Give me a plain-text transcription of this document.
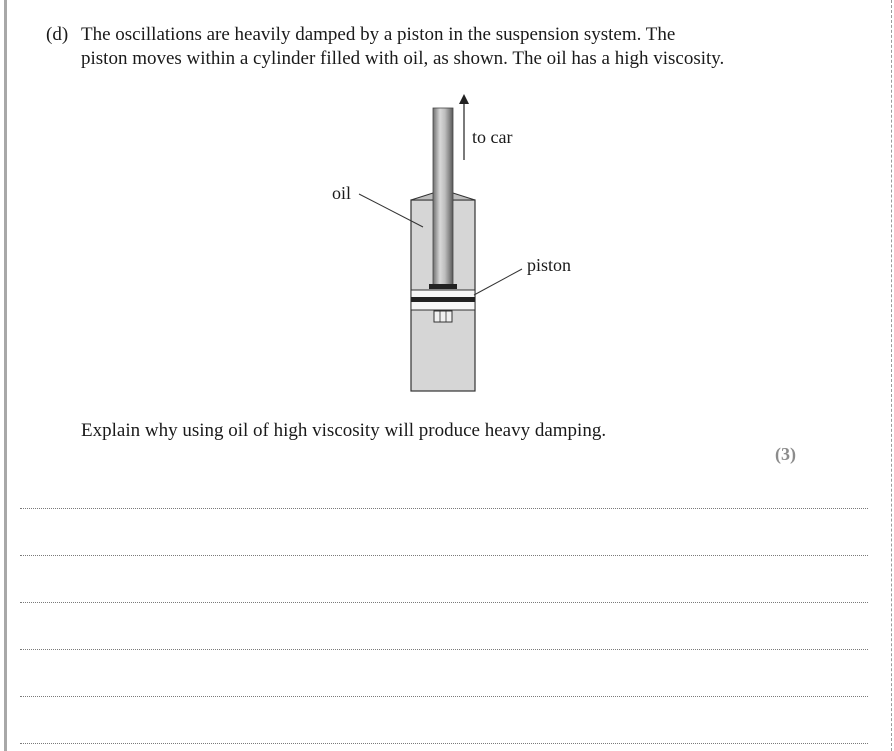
(d) The oscillations are heavily damped by a piston in the suspension system. The
piston moves within a cylinder filled with oil, as shown. The oil has a high viscosity.
to car
oil
piston
Explain why using oil of high viscosity will produce heavy damping.
(3)
